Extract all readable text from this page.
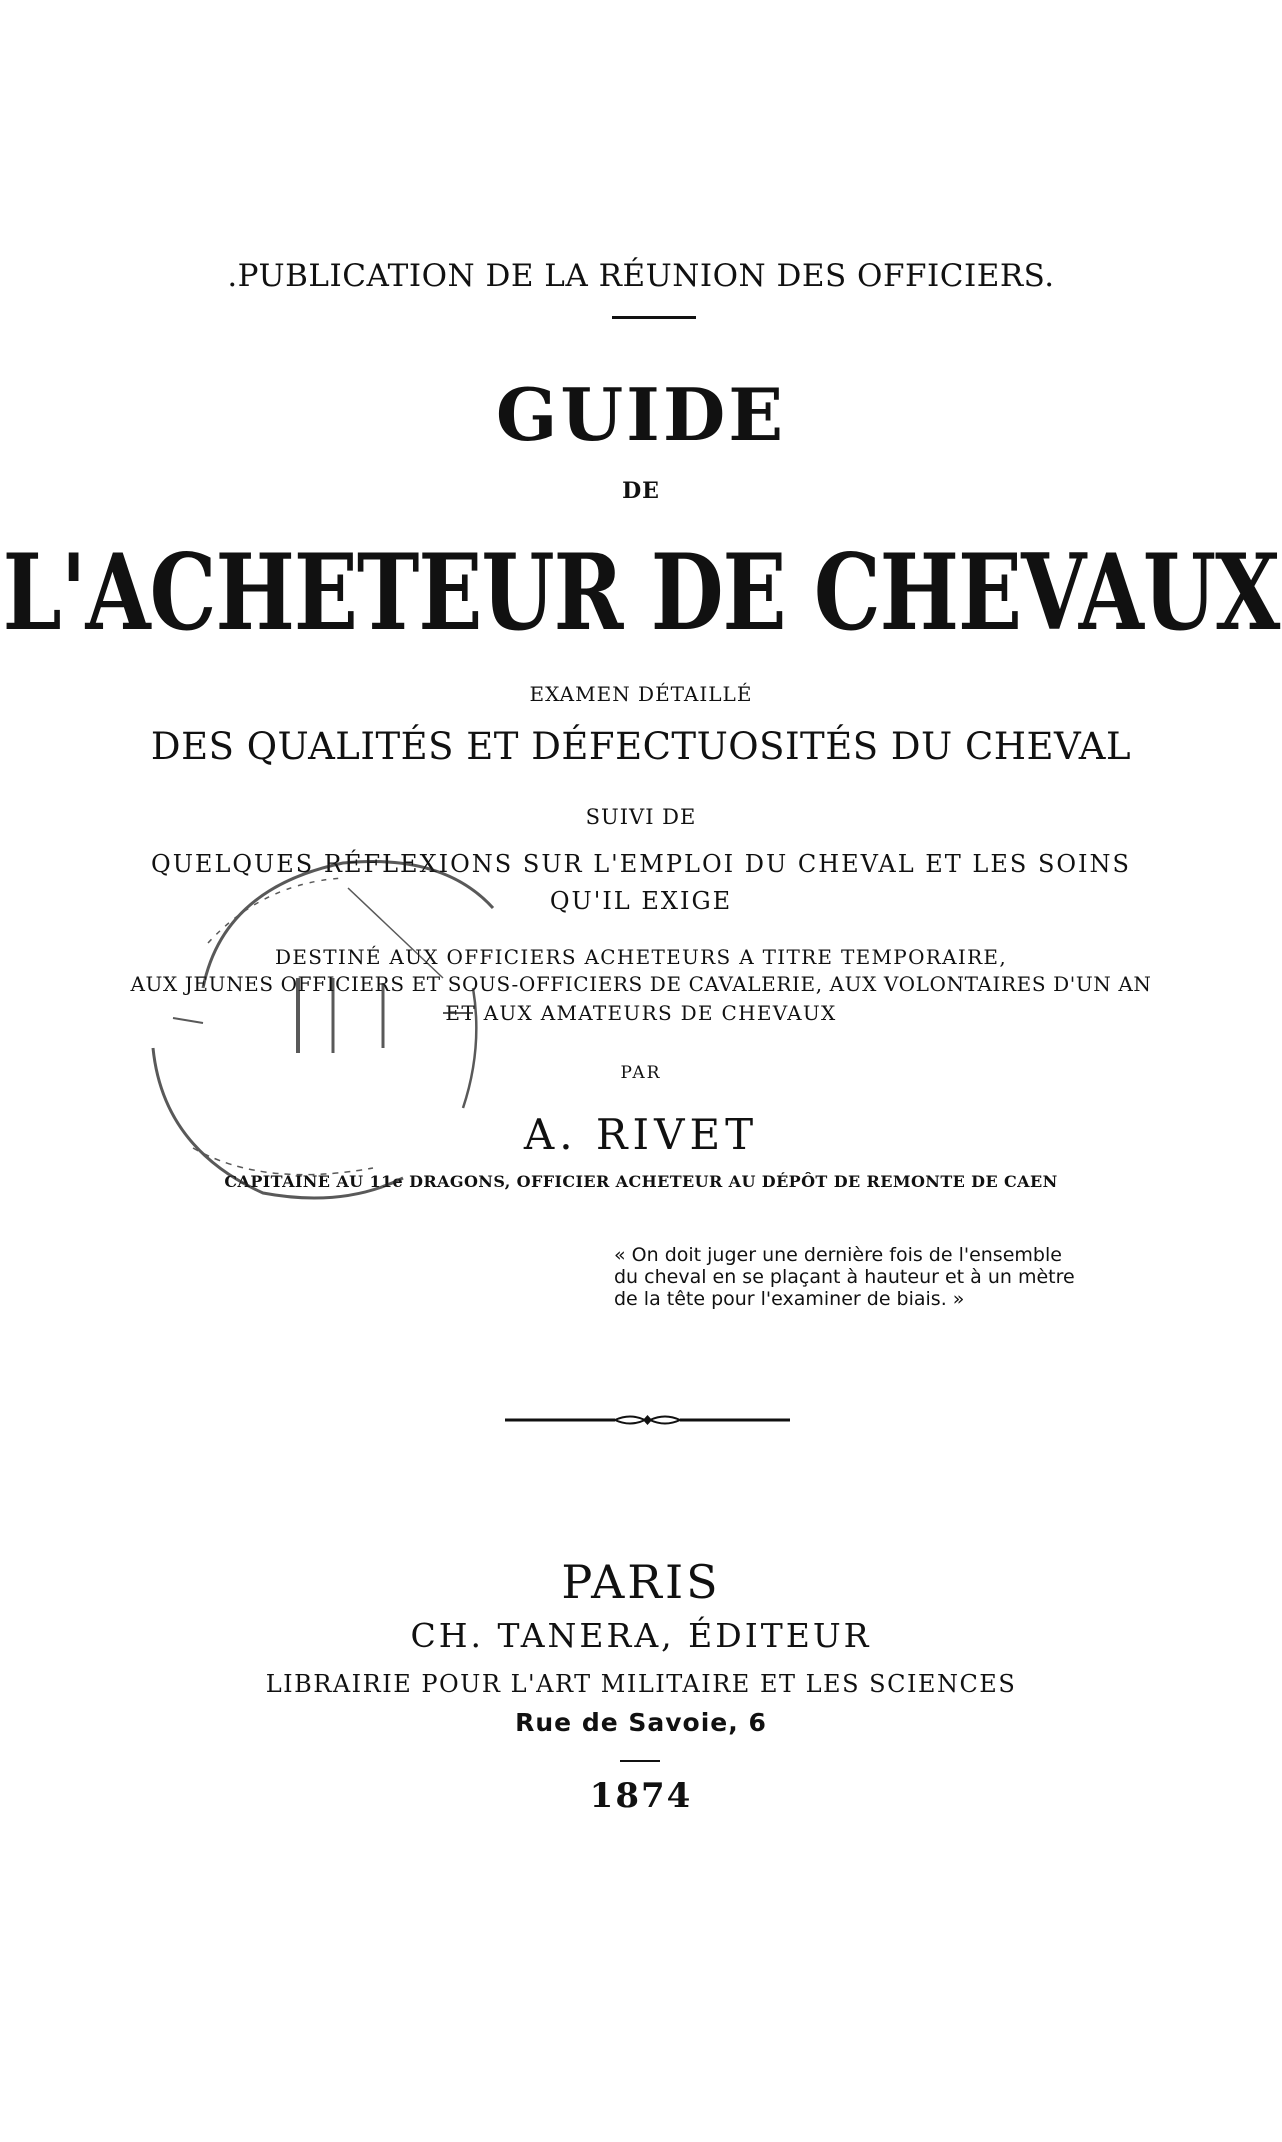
.PUBLICATION DE LA RÉUNION DES OFFICIERS.
GUIDE
DE
L'ACHETEUR DE CHEVAUX
EXAMEN DÉTAILLÉ
DES QUALITÉS ET DÉFECTUOSITÉS DU CHEVAL
SUIVI DE
QUELQUES RÉFLEXIONS SUR L'EMPLOI DU CHEVAL ET LES SOINS
QU'IL EXIGE
DESTINÉ AUX OFFICIERS ACHETEURS A TITRE TEMPORAIRE,
AUX JEUNES OFFICIERS ET SOUS-OFFICIERS DE CAVALERIE, AUX VOLONTAIRES D'UN AN
ET AUX AMATEURS DE CHEVAUX
PAR
A. RIVET
CAPITAINE AU 11e DRAGONS, OFFICIER ACHETEUR AU DÉPÔT DE REMONTE DE CAEN
« On doit juger une dernière fois de l'ensemble
du cheval en se plaçant à hauteur et à un mètre
de la tête pour l'examiner de biais. »
PARIS
CH. TANERA, ÉDITEUR
LIBRAIRIE POUR L'ART MILITAIRE ET LES SCIENCES
Rue de Savoie, 6
1874
